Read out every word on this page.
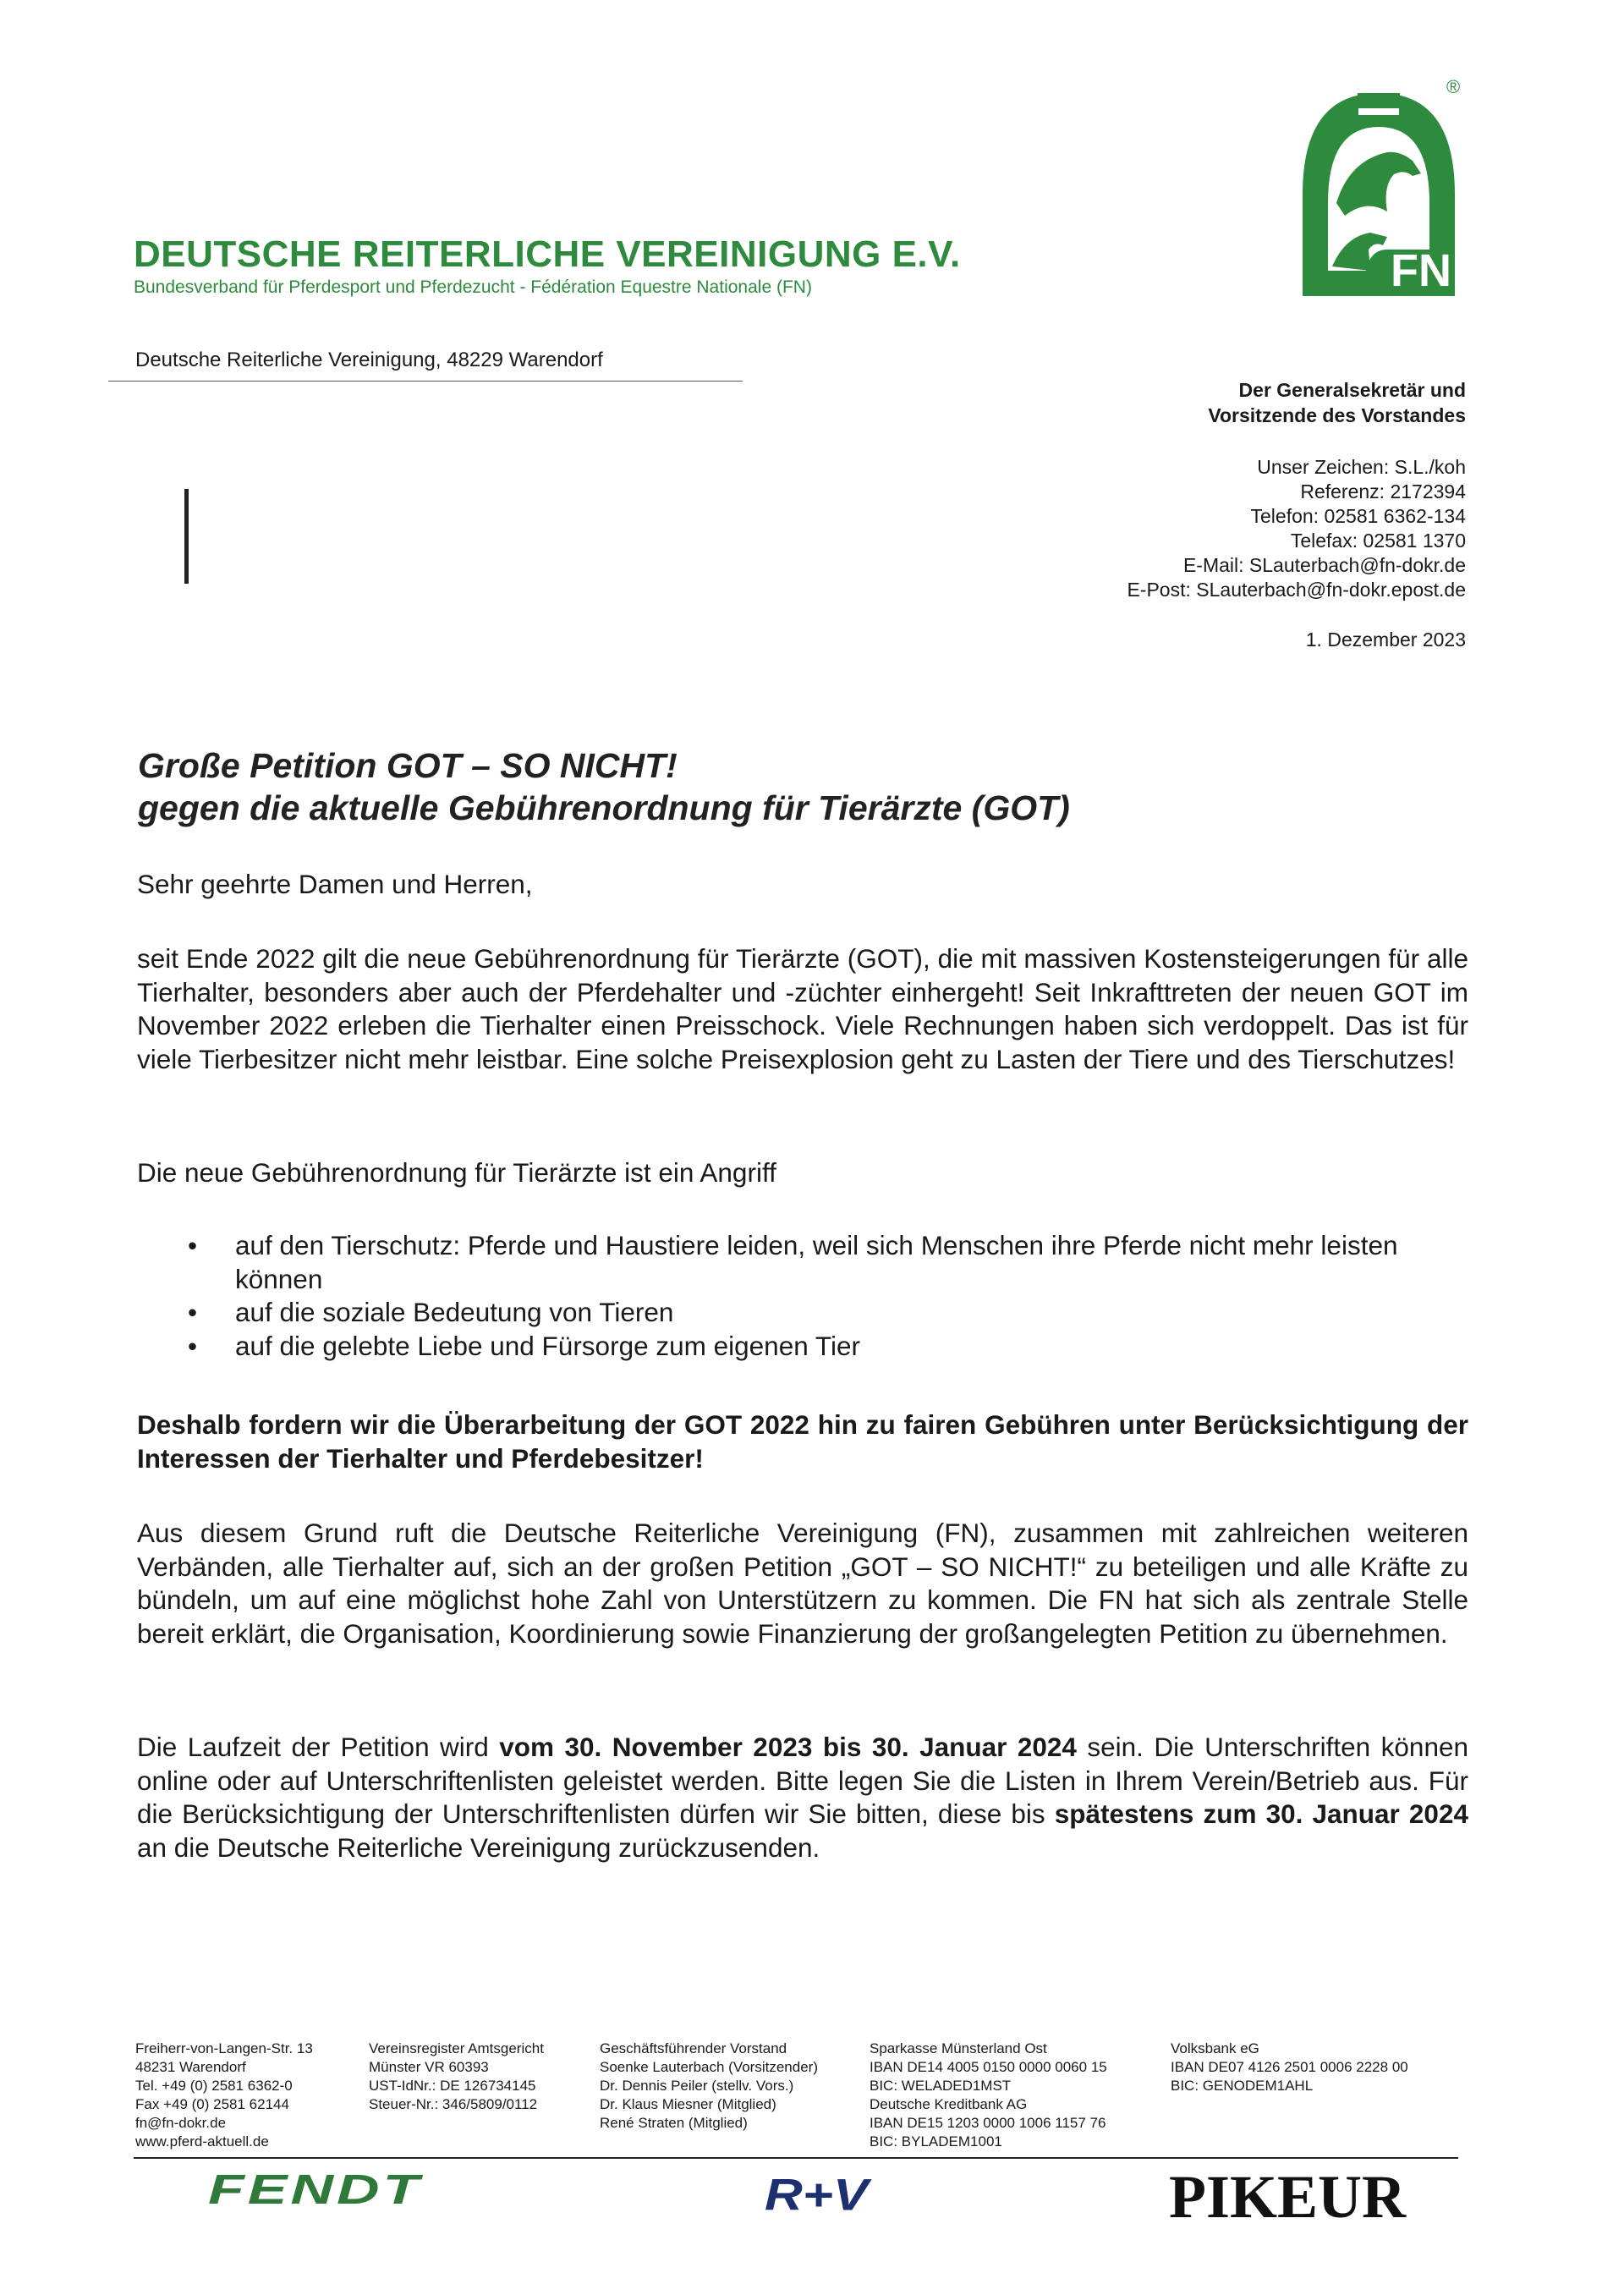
DEUTSCHE REITERLICHE VEREINIGUNG E.V.
Bundesverband für Pferdesport und Pferdezucht - Fédération Equestre Nationale (FN)
®
FN
Deutsche Reiterliche Vereinigung, 48229 Warendorf
Der Generalsekretär und
Vorsitzende des Vorstandes
Unser Zeichen: S.L./koh
Referenz: 2172394
Telefon: 02581 6362-134
Telefax: 02581 1370
E-Mail: SLauterbach@fn-dokr.de
E-Post: SLauterbach@fn-dokr.epost.de
1. Dezember 2023
Große Petition GOT – SO NICHT!
gegen die aktuelle Gebührenordnung für Tierärzte (GOT)
Sehr geehrte Damen und Herren,
seit Ende 2022 gilt die neue Gebührenordnung für Tierärzte (GOT), die mit massiven Kostensteigerungen für alle Tierhalter, besonders aber auch der Pferdehalter und -züchter einhergeht! Seit Inkrafttreten der neuen GOT im November 2022 erleben die Tierhalter einen Preisschock. Viele Rechnungen haben sich verdoppelt. Das ist für viele Tierbesitzer nicht mehr leistbar. Eine solche Preisexplosion geht zu Lasten der Tiere und des Tierschutzes!
Die neue Gebührenordnung für Tierärzte ist ein Angriff
• auf den Tierschutz: Pferde und Haustiere leiden, weil sich Menschen ihre Pferde nicht mehr leisten können
• auf die soziale Bedeutung von Tieren
• auf die gelebte Liebe und Fürsorge zum eigenen Tier
Deshalb fordern wir die Überarbeitung der GOT 2022 hin zu fairen Gebühren unter Berücksichtigung der Interessen der Tierhalter und Pferdebesitzer!
Aus diesem Grund ruft die Deutsche Reiterliche Vereinigung (FN), zusammen mit zahlreichen weiteren Verbänden, alle Tierhalter auf, sich an der großen Petition „GOT – SO NICHT!“ zu beteiligen und alle Kräfte zu bündeln, um auf eine möglichst hohe Zahl von Unterstützern zu kommen. Die FN hat sich als zentrale Stelle bereit erklärt, die Organisation, Koordinierung sowie Finanzierung der großangelegten Petition zu übernehmen.
Die Laufzeit der Petition wird vom 30. November 2023 bis 30. Januar 2024 sein. Die Unterschriften können online oder auf Unterschriftenlisten geleistet werden. Bitte legen Sie die Listen in Ihrem Verein/Betrieb aus. Für die Berücksichtigung der Unterschriftenlisten dürfen wir Sie bitten, diese bis spätestens zum 30. Januar 2024 an die Deutsche Reiterliche Vereinigung zurückzusenden.
Freiherr-von-Langen-Str. 13
48231 Warendorf
Tel. +49 (0) 2581 6362-0
Fax +49 (0) 2581 62144
fn@fn-dokr.de
www.pferd-aktuell.de
Vereinsregister Amtsgericht
Münster VR 60393
UST-IdNr.: DE 126734145
Steuer-Nr.: 346/5809/0112
Geschäftsführender Vorstand
Soenke Lauterbach (Vorsitzender)
Dr. Dennis Peiler (stellv. Vors.)
Dr. Klaus Miesner (Mitglied)
René Straten (Mitglied)
Sparkasse Münsterland Ost
IBAN DE14 4005 0150 0000 0060 15
BIC: WELADED1MST
Deutsche Kreditbank AG
IBAN DE15 1203 0000 1006 1157 76
BIC: BYLADEM1001
Volksbank eG
IBAN DE07 4126 2501 0006 2228 00
BIC: GENODEM1AHL
FENDT	R+V	PIKEUR
